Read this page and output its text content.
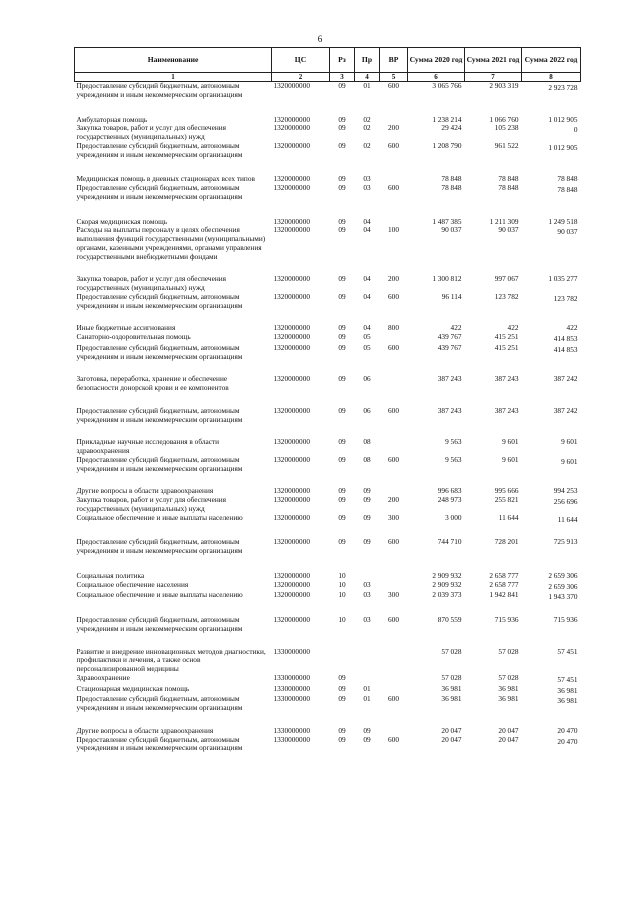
6
Наименование	ЦС	Рз	Пр	ВР	Сумма 2020 год	Сумма 2021 год	Сумма 2022 год
1	2	3	4	5	6	7	8
Предоставление субсидий бюджетным, автономным учреждениям и иным некоммерческим организациям	1320000000	09	01	600	3 065 766	2 903 319	2 923 728
Амбулаторная помощь	1320000000	09	02		1 238 214	1 066 760	1 012 905
Закупка товаров, работ и услуг для обеспечения государственных (муниципальных) нужд	1320000000	09	02	200	29 424	105 238	0
Предоставление субсидий бюджетным, автономным учреждениям и иным некоммерческим организациям	1320000000	09	02	600	1 208 790	961 522	1 012 905
Медицинская помощь в дневных стационарах всех типов	1320000000	09	03		78 848	78 848	78 848
Предоставление субсидий бюджетным, автономным учреждениям и иным некоммерческим организациям	1320000000	09	03	600	78 848	78 848	78 848
Скорая медицинская помощь	1320000000	09	04		1 487 385	1 211 309	1 249 518
Расходы на выплаты персоналу в целях обеспечения выполнения функций государственными (муниципальными) органами, казенными учреждениями, органами управления государственными внебюджетными фондами	1320000000	09	04	100	90 037	90 037	90 037
Закупка товаров, работ и услуг для обеспечения государственных (муниципальных) нужд	1320000000	09	04	200	1 300 812	997 067	1 035 277
Предоставление субсидий бюджетным, автономным учреждениям и иным некоммерческим организациям	1320000000	09	04	600	96 114	123 782	123 782
Иные бюджетные ассигнования	1320000000	09	04	800	422	422	422
Санаторно-оздоровительная помощь	1320000000	09	05		439 767	415 251	414 853
Предоставление субсидий бюджетным, автономным учреждениям и иным некоммерческим организациям	1320000000	09	05	600	439 767	415 251	414 853
Заготовка, переработка, хранение и обеспечение безопасности донорской крови и ее компонентов	1320000000	09	06		387 243	387 243	387 242
Предоставление субсидий бюджетным, автономным учреждениям и иным некоммерческим организациям	1320000000	09	06	600	387 243	387 243	387 242
Прикладные научные исследования в области здравоохранения	1320000000	09	08		9 563	9 601	9 601
Предоставление субсидий бюджетным, автономным учреждениям и иным некоммерческим организациям	1320000000	09	08	600	9 563	9 601	9 601
Другие вопросы в области здравоохранения	1320000000	09	09		996 683	995 666	994 253
Закупка товаров, работ и услуг для обеспечения государственных (муниципальных) нужд	1320000000	09	09	200	248 973	255 821	256 696
Социальное обеспечение и иные выплаты населению	1320000000	09	09	300	3 000	11 644	11 644
Предоставление субсидий бюджетным, автономным учреждениям и иным некоммерческим организациям	1320000000	09	09	600	744 710	728 201	725 913
Социальная политика	1320000000	10			2 909 932	2 658 777	2 659 306
Социальное обеспечение населения	1320000000	10	03		2 909 932	2 658 777	2 659 306
Социальное обеспечение и иные выплаты населению	1320000000	10	03	300	2 039 373	1 942 841	1 943 370
Предоставление субсидий бюджетным, автономным учреждениям и иным некоммерческим организациям	1320000000	10	03	600	870 559	715 936	715 936
Развитие и внедрение инновационных методов диагностики, профилактики и лечения, а также основ персонализированной медицины	1330000000				57 028	57 028	57 451
Здравоохранение	1330000000	09			57 028	57 028	57 451
Стационарная медицинская помощь	1330000000	09	01		36 981	36 981	36 981
Предоставление субсидий бюджетным, автономным учреждениям и иным некоммерческим организациям	1330000000	09	01	600	36 981	36 981	36 981
Другие вопросы в области здравоохранения	1330000000	09	09		20 047	20 047	20 470
Предоставление субсидий бюджетным, автономным учреждениям и иным некоммерческим организациям	1330000000	09	09	600	20 047	20 047	20 470
